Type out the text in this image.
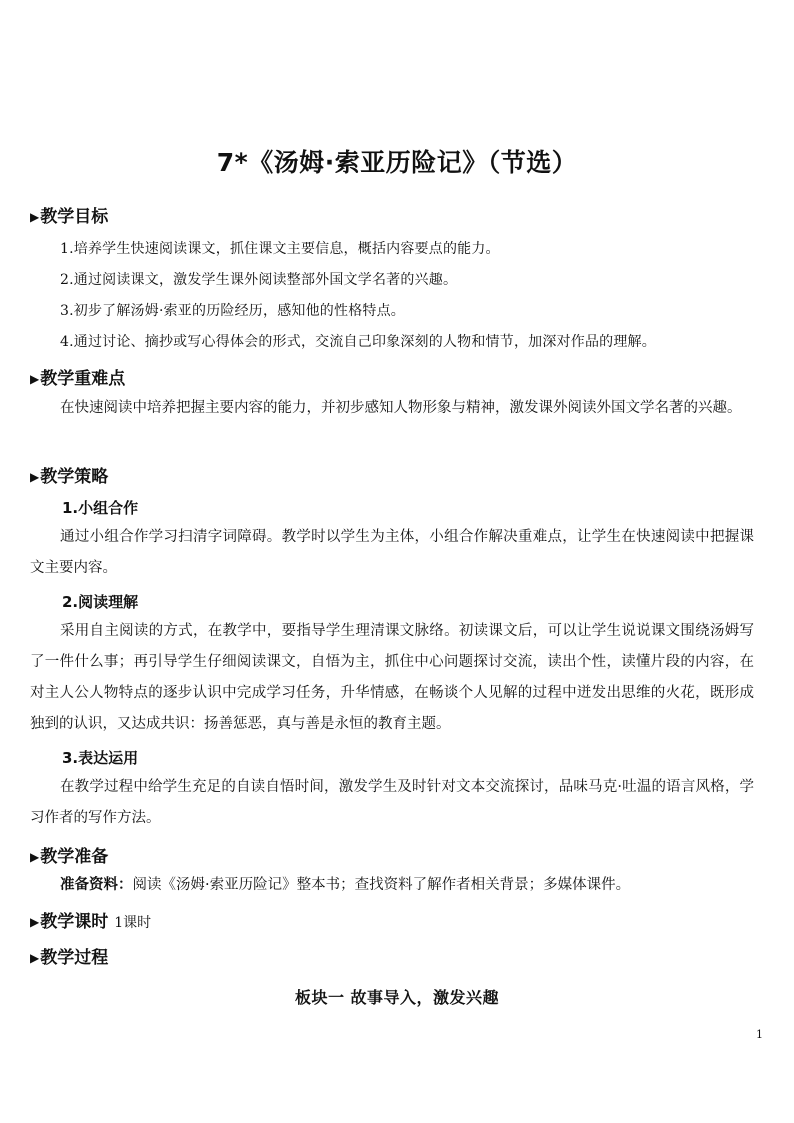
7*《汤姆·索亚历险记》（节选）
▶教学目标
1.培养学生快速阅读课文，抓住课文主要信息，概括内容要点的能力。
2.通过阅读课文，激发学生课外阅读整部外国文学名著的兴趣。
3.初步了解汤姆·索亚的历险经历，感知他的性格特点。
4.通过讨论、摘抄或写心得体会的形式，交流自己印象深刻的人物和情节，加深对作品的理解。
▶教学重难点
在快速阅读中培养把握主要内容的能力，并初步感知人物形象与精神，激发课外阅读外国文学名著的兴趣。
▶教学策略
1.小组合作
通过小组合作学习扫清字词障碍。教学时以学生为主体，小组合作解决重难点，让学生在快速阅读中把握课文主要内容。
2.阅读理解
采用自主阅读的方式，在教学中，要指导学生理清课文脉络。初读课文后，可以让学生说说课文围绕汤姆写了一件什么事；再引导学生仔细阅读课文，自悟为主，抓住中心问题探讨交流，读出个性，读懂片段的内容，在对主人公人物特点的逐步认识中完成学习任务，升华情感，在畅谈个人见解的过程中迸发出思维的火花，既形成独到的认识，又达成共识：扬善惩恶，真与善是永恒的教育主题。
3.表达运用
在教学过程中给学生充足的自读自悟时间，激发学生及时针对文本交流探讨，品味马克·吐温的语言风格，学习作者的写作方法。
▶教学准备
准备资料：阅读《汤姆·索亚历险记》整本书；查找资料了解作者相关背景；多媒体课件。
▶教学课时 1课时
▶教学过程
板块一 故事导入，激发兴趣
1
